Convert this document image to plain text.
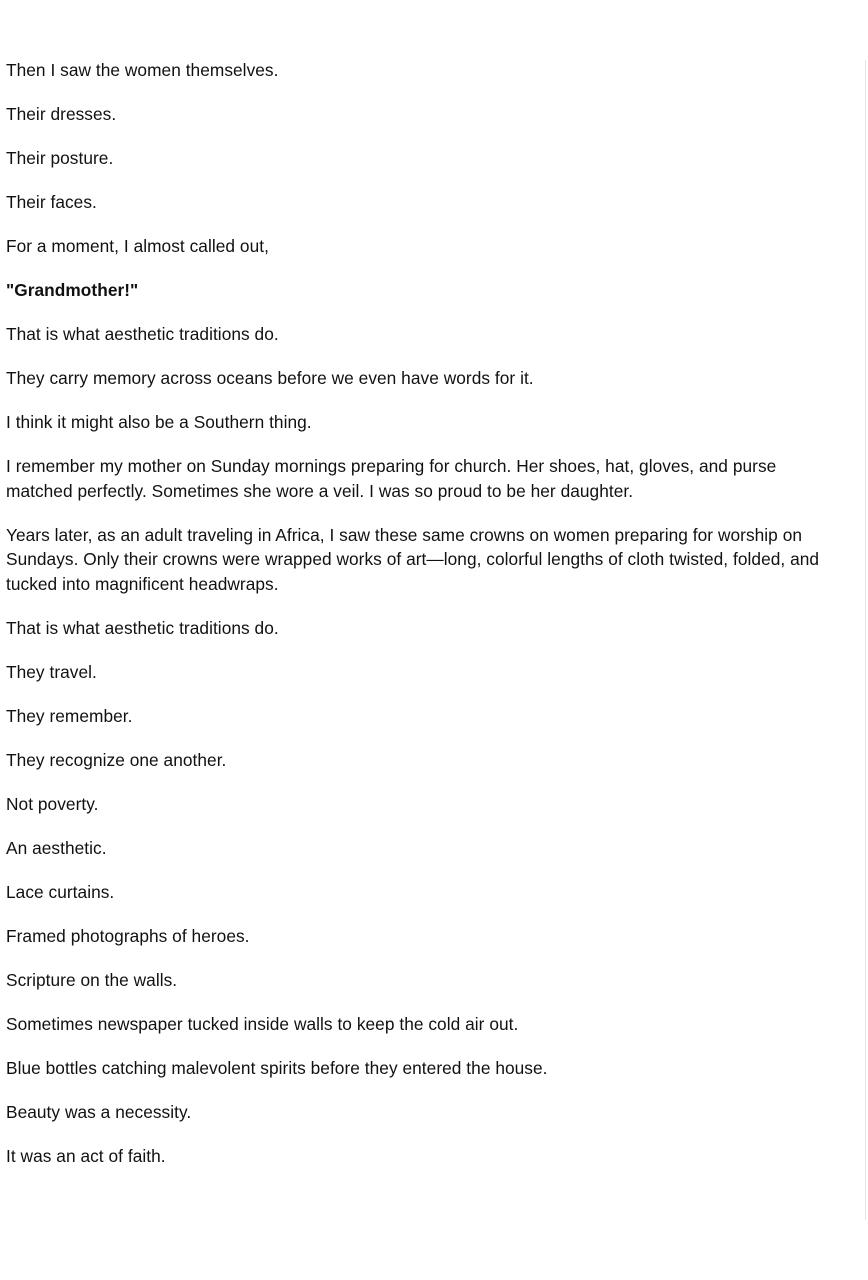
Then I saw the women themselves.

Their dresses.

Their posture.

Their faces.

For a moment, I almost called out,

"Grandmother!"

That is what aesthetic traditions do.

They carry memory across oceans before we even have words for it.

I think it might also be a Southern thing.

I remember my mother on Sunday mornings preparing for church. Her shoes, hat, gloves, and purse matched perfectly. Sometimes she wore a veil. I was so proud to be her daughter.

Years later, as an adult traveling in Africa, I saw these same crowns on women preparing for worship on Sundays. Only their crowns were wrapped works of art—long, colorful lengths of cloth twisted, folded, and tucked into magnificent headwraps.

That is what aesthetic traditions do.

They travel.

They remember.

They recognize one another.

Not poverty.

An aesthetic.

Lace curtains.

Framed photographs of heroes.

Scripture on the walls.

Sometimes newspaper tucked inside walls to keep the cold air out.

Blue bottles catching malevolent spirits before they entered the house.

Beauty was a necessity.

It was an act of faith.
